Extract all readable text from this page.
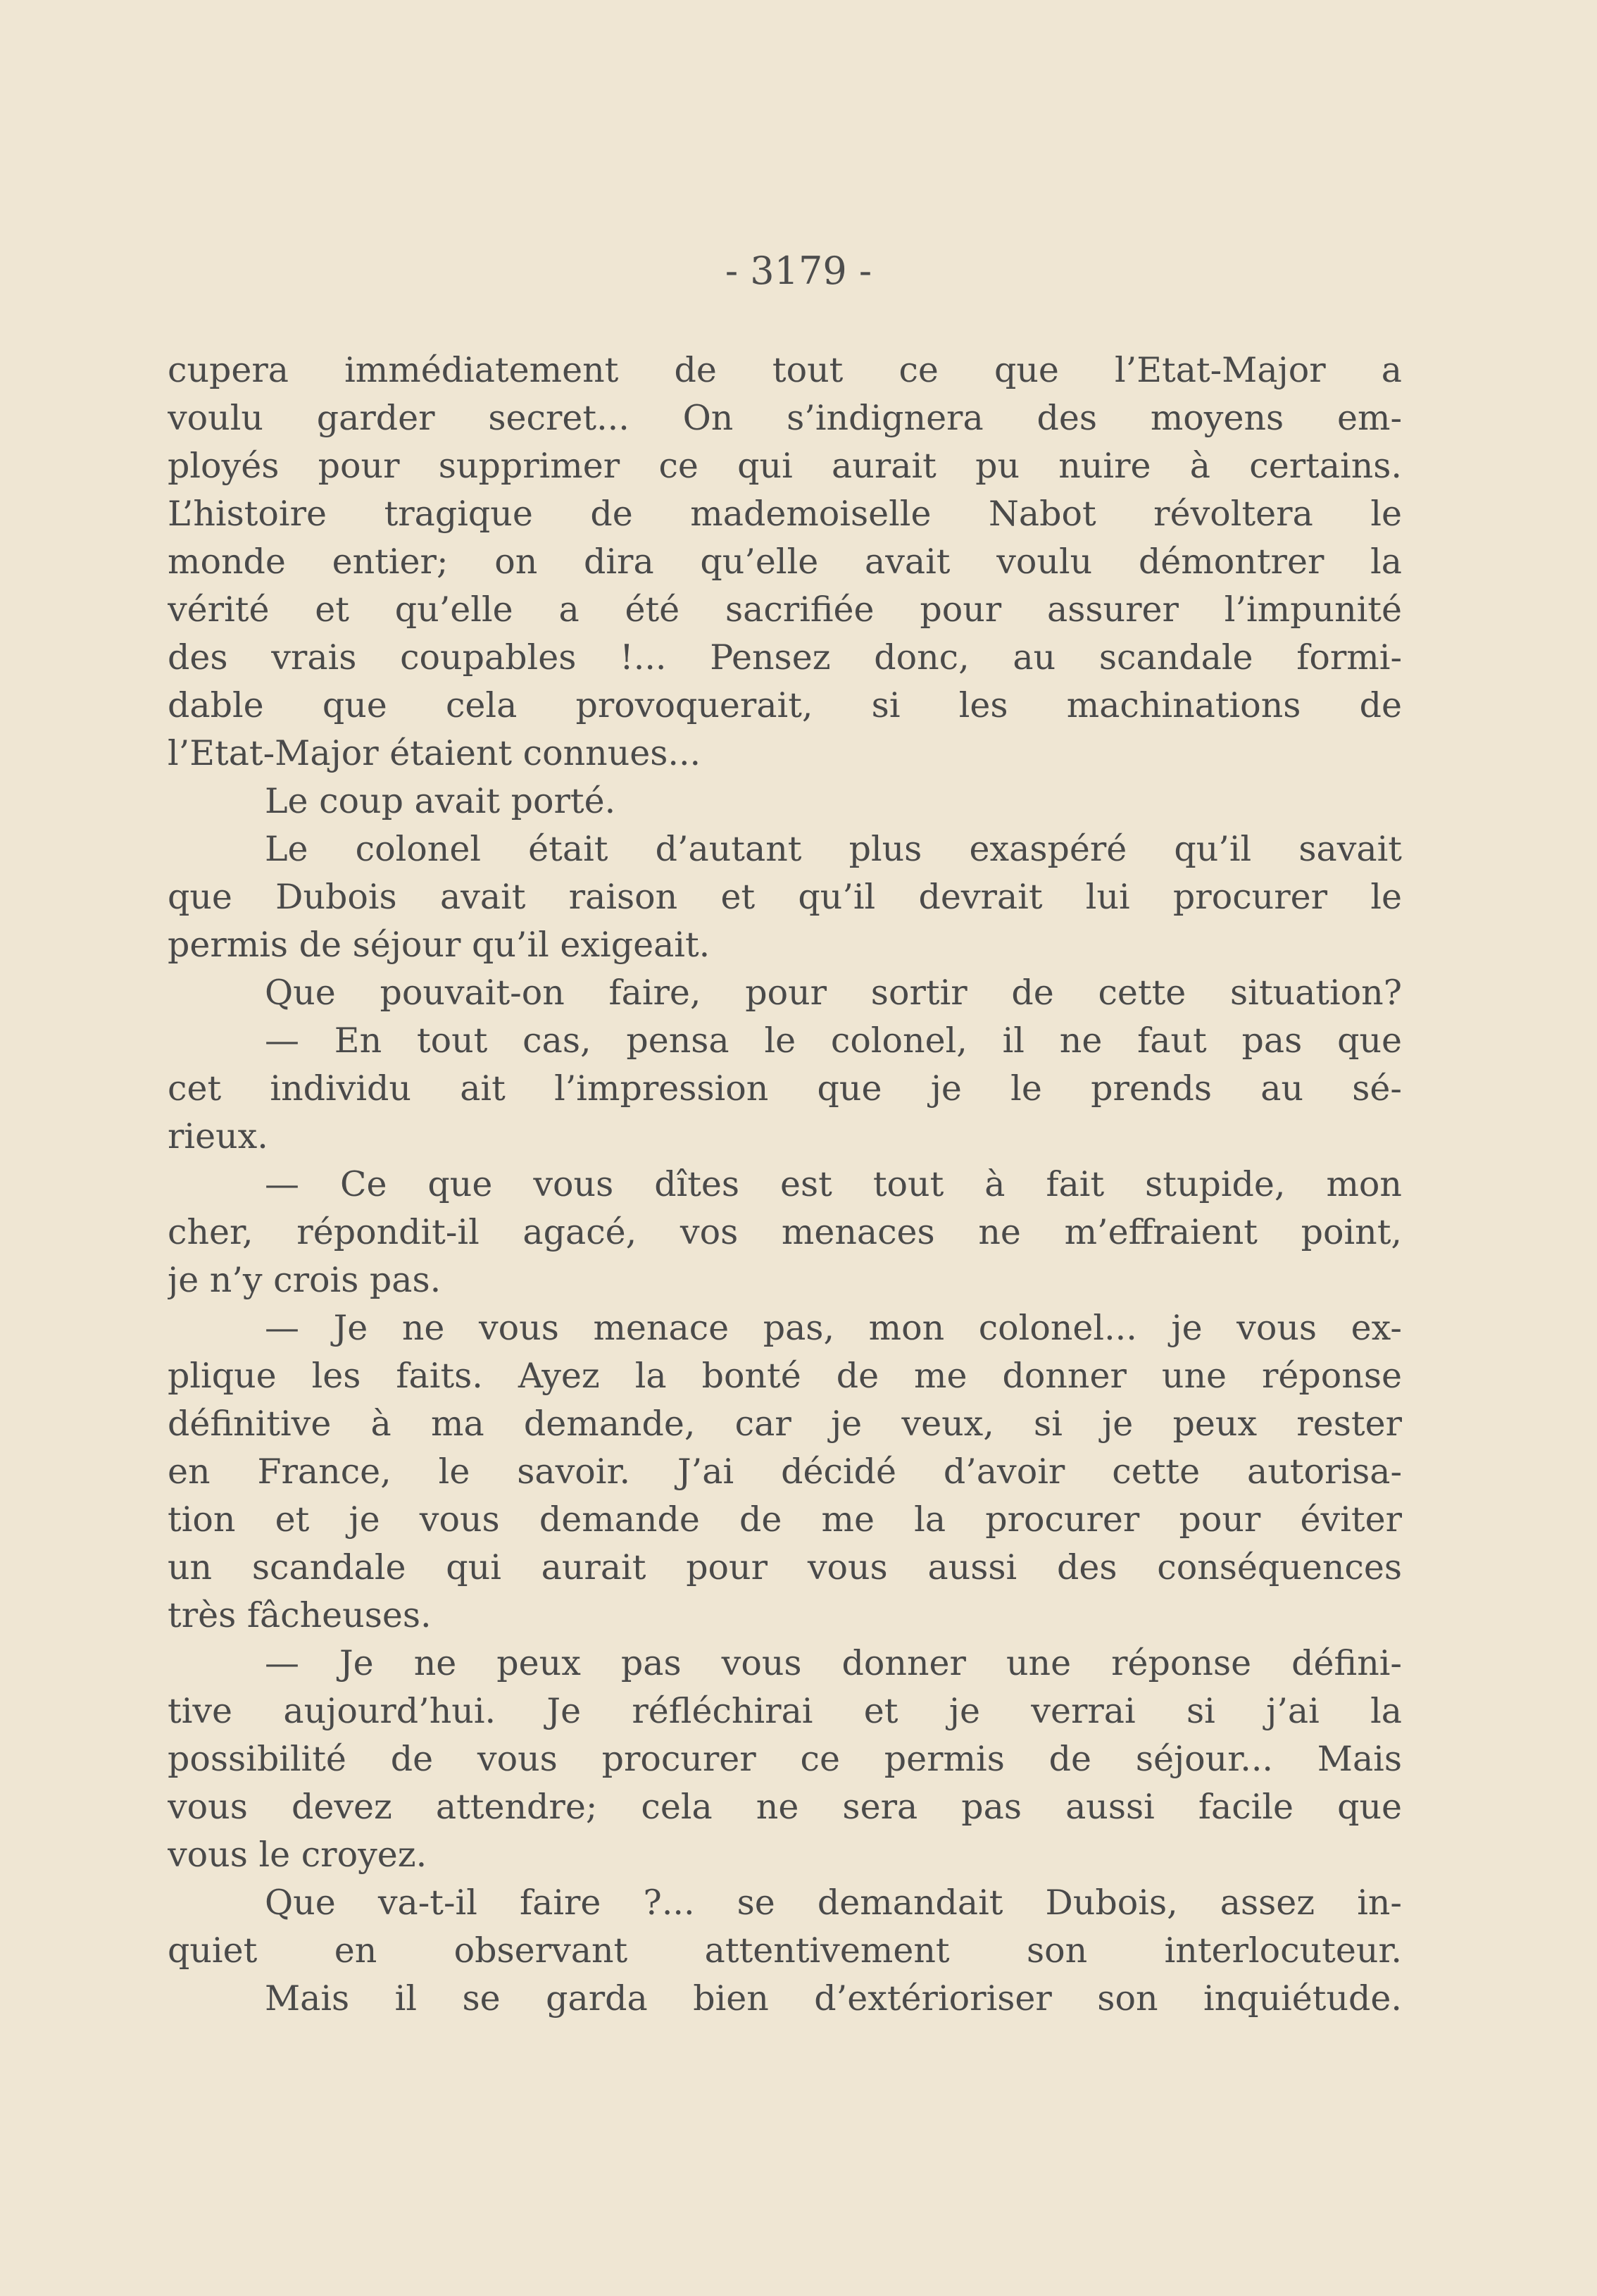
- 3179 -
cupera immédiatement de tout ce que l’Etat-Major a
voulu garder secret... On s’indignera des moyens em-
ployés pour supprimer ce qui aurait pu nuire à certains.
L’histoire tragique de mademoiselle Nabot révoltera le
monde entier; on dira qu’elle avait voulu démontrer la
vérité et qu’elle a été sacrifiée pour assurer l’impunité
des vrais coupables !... Pensez donc, au scandale formi-
dable que cela provoquerait, si les machinations de
l’Etat-Major étaient connues...
Le coup avait porté.
Le colonel était d’autant plus exaspéré qu’il savait
que Dubois avait raison et qu’il devrait lui procurer le
permis de séjour qu’il exigeait.
Que pouvait-on faire, pour sortir de cette situation?
— En tout cas, pensa le colonel, il ne faut pas que
cet individu ait l’impression que je le prends au sé-
rieux.
— Ce que vous dîtes est tout à fait stupide, mon
cher, répondit-il agacé, vos menaces ne m’effraient point,
je n’y crois pas.
— Je ne vous menace pas, mon colonel... je vous ex-
plique les faits. Ayez la bonté de me donner une réponse
définitive à ma demande, car je veux, si je peux rester
en France, le savoir. J’ai décidé d’avoir cette autorisa-
tion et je vous demande de me la procurer pour éviter
un scandale qui aurait pour vous aussi des conséquences
très fâcheuses.
— Je ne peux pas vous donner une réponse défini-
tive aujourd’hui. Je réfléchirai et je verrai si j’ai la
possibilité de vous procurer ce permis de séjour... Mais
vous devez attendre; cela ne sera pas aussi facile que
vous le croyez.
Que va-t-il faire ?... se demandait Dubois, assez in-
quiet en observant attentivement son interlocuteur.
Mais il se garda bien d’extérioriser son inquiétude.
